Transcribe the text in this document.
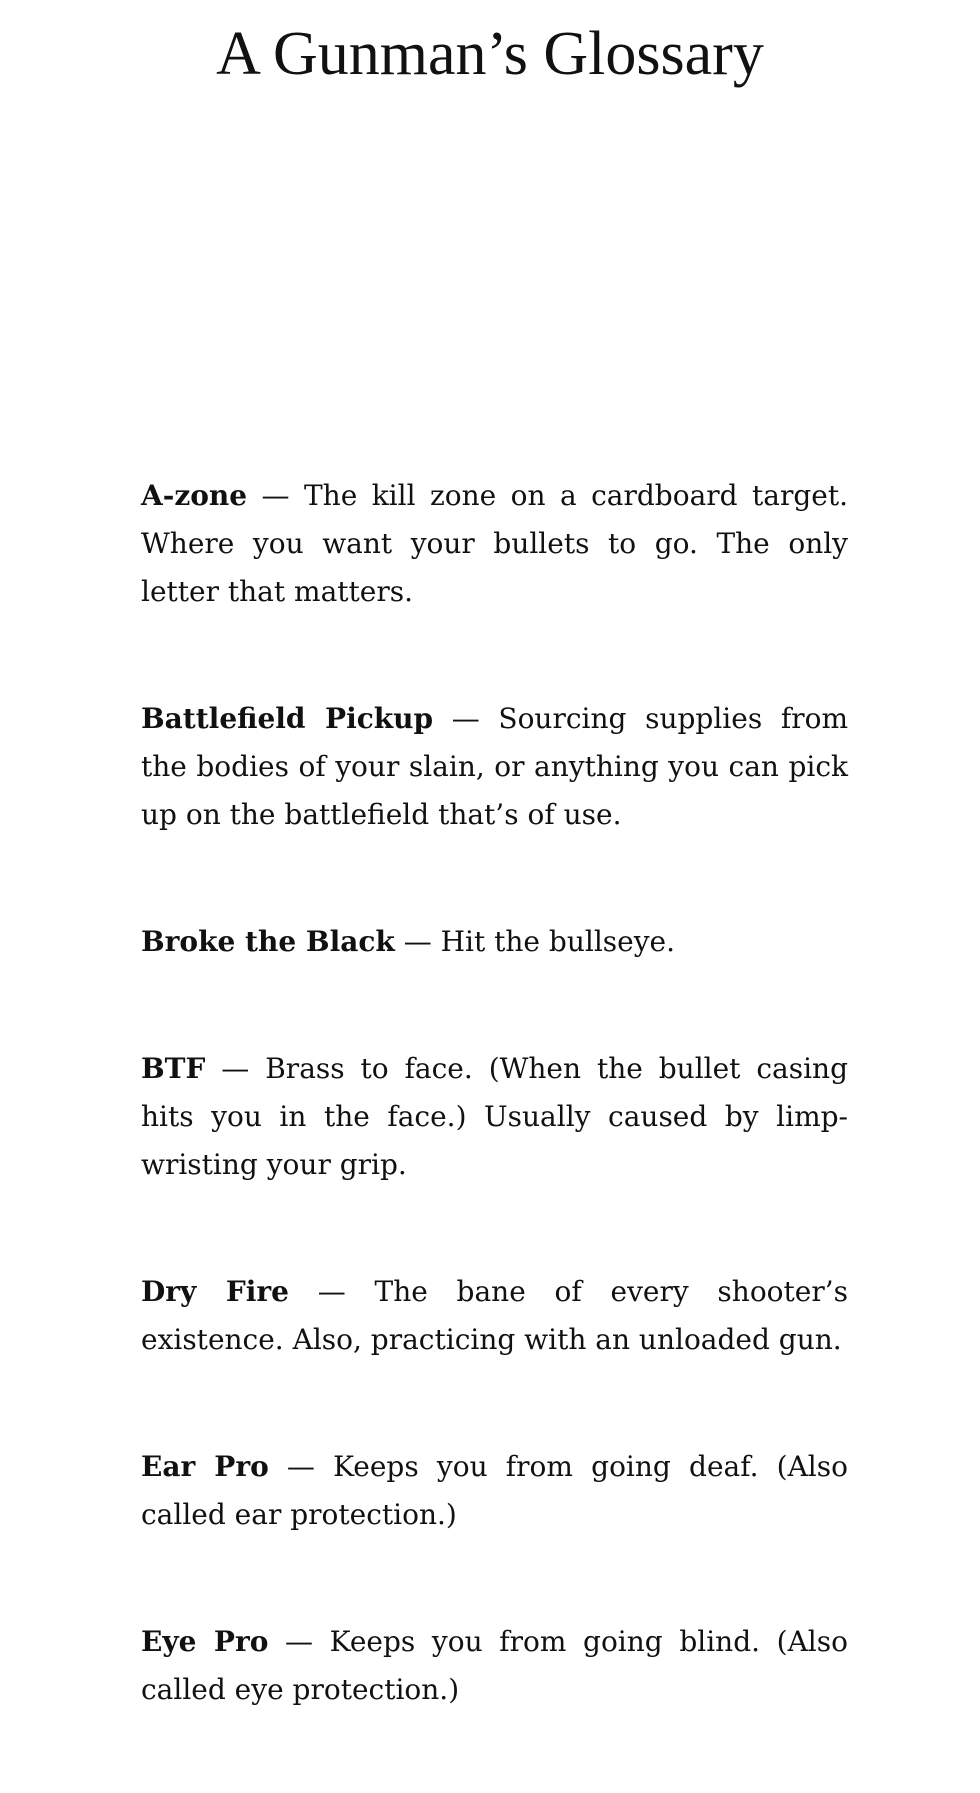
A Gunman’s Glossary

A-zone — The kill zone on a cardboard target. Where you want your bullets to go. The only letter that matters.

Battlefield Pickup — Sourcing supplies from the bodies of your slain, or anything you can pick up on the battlefield that’s of use.

Broke the Black — Hit the bullseye.

BTF — Brass to face. (When the bullet casing hits you in the face.) Usually caused by limp-wristing your grip.

Dry Fire — The bane of every shooter’s existence. Also, practicing with an unloaded gun.

Ear Pro — Keeps you from going deaf. (Also called ear protection.)

Eye Pro — Keeps you from going blind. (Also called eye protection.)
